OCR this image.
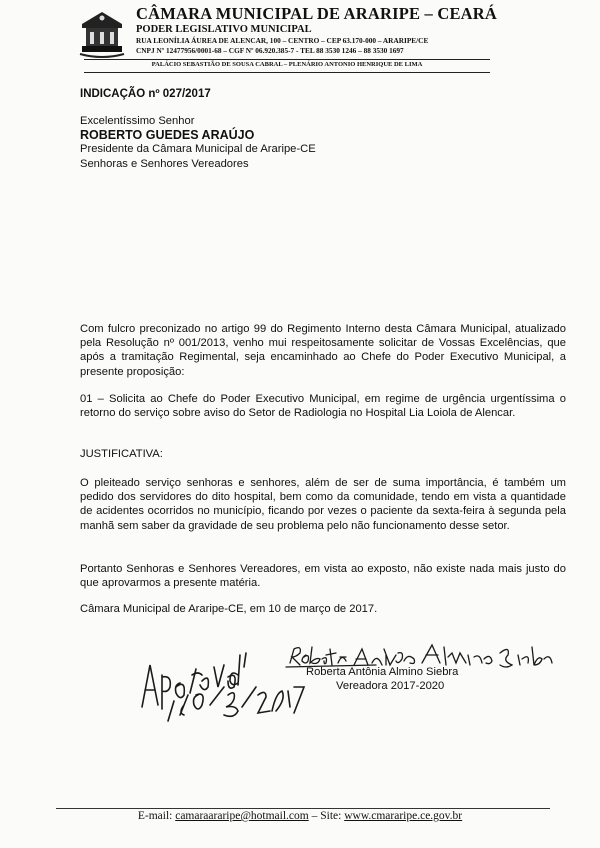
CÂMARA MUNICIPAL DE ARARIPE – CEARÁ
PODER LEGISLATIVO MUNICIPAL
RUA LEONÍLIA ÁUREA DE ALENCAR, 100 – CENTRO – CEP 63.170-000 – ARARIPE/CE
CNPJ Nº 12477956/0001-68 – CGF Nº 06.920.385-7 - TEL 88 3530 1246 – 88 3530 1697
PALÁCIO SEBASTIÃO DE SOUSA CABRAL – PLENÁRIO ANTONIO HENRIQUE DE LIMA
INDICAÇÃO nº 027/2017
Excelentíssimo Senhor
ROBERTO GUEDES ARAÚJO
Presidente da Câmara Municipal de Araripe-CE
Senhoras e Senhores Vereadores
Com fulcro preconizado no artigo 99 do Regimento Interno desta Câmara Municipal, atualizado pela Resolução nº 001/2013, venho mui respeitosamente solicitar de Vossas Excelências, que após a tramitação Regimental, seja encaminhado ao Chefe do Poder Executivo Municipal, a presente proposição:
01 – Solicita ao Chefe do Poder Executivo Municipal, em regime de urgência urgentíssima o retorno do serviço sobre aviso do Setor de Radiologia no Hospital Lia Loiola de Alencar.
JUSTIFICATIVA:
O pleiteado serviço senhoras e senhores, além de ser de suma importância, é também um pedido dos servidores do dito hospital, bem como da comunidade, tendo em vista a quantidade de acidentes ocorridos no município, ficando por vezes o paciente da sexta-feira à segunda pela manhã sem saber da gravidade de seu problema pelo não funcionamento desse setor.
Portanto Senhoras e Senhores Vereadores, em vista ao exposto, não existe nada mais justo do que aprovarmos a presente matéria.
Câmara Municipal de Araripe-CE, em 10 de março de 2017.
Roberta Antônia Almino Siebra
Vereadora 2017-2020
E-mail: camaraararipe@hotmail.com – Site: www.cmararipe.ce.gov.br
